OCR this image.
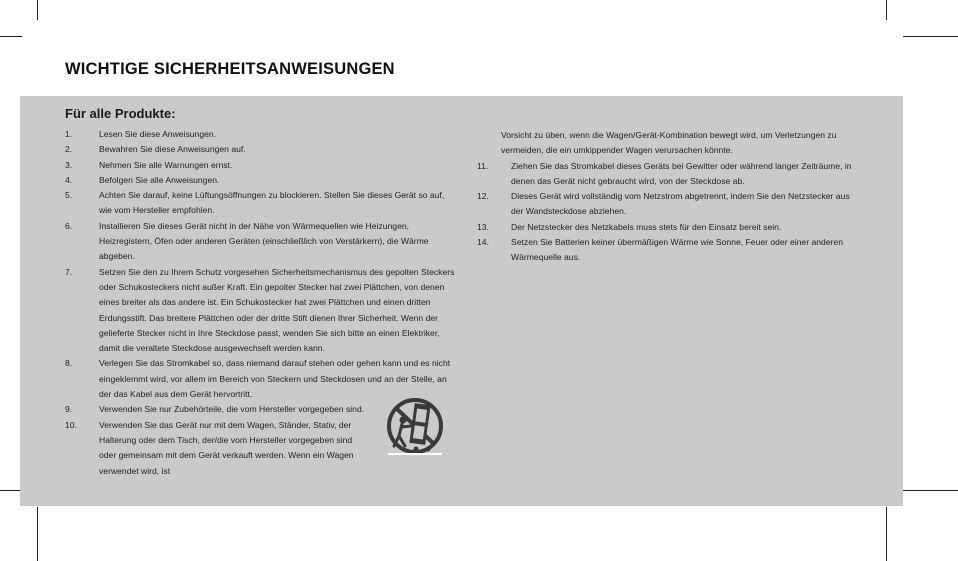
WICHTIGE SICHERHEITSANWEISUNGEN
Für alle Produkte:
1.	Lesen Sie diese Anweisungen.
2.	Bewahren Sie diese Anweisungen auf.
3.	Nehmen Sie alle Warnungen ernst.
4.	Befolgen Sie alle Anweisungen.
5.	Achten Sie darauf, keine Lüftungsöffnungen zu blockieren. Stellen Sie dieses Gerät so auf, wie vom Hersteller empfohlen.
6.	Installieren Sie dieses Gerät nicht in der Nähe von Wärmequellen wie Heizungen, Heizregistern, Öfen oder anderen Geräten (einschließlich von Verstärkern), die Wärme abgeben.
7.	Setzen Sie den zu Ihrem Schutz vorgesehen Sicherheitsmechanismus des gepolten Steckers oder Schukosteckers nicht außer Kraft. Ein gepolter Stecker hat zwei Plättchen, von denen eines breiter als das andere ist. Ein Schukostecker hat zwei Plättchen und einen dritten Erdungsstift. Das breitere Plättchen oder der dritte Stift dienen Ihrer Sicherheit. Wenn der gelieferte Stecker nicht in Ihre Steckdose passt, wenden Sie sich bitte an einen Elektriker, damit die veraltete Steckdose ausgewechselt werden kann.
8.	Verlegen Sie das Stromkabel so, dass niemand darauf stehen oder gehen kann und es nicht eingeklemmt wird, vor allem im Bereich von Steckern und Steckdosen und an der Stelle, an der das Kabel aus dem Gerät hervortritt.
9.	Verwenden Sie nur Zubehörteile, die vom Hersteller vorgegeben sind.
10.	Verwenden Sie das Gerät nur mit dem Wagen, Ständer, Stativ, der Halterung oder dem Tisch, der/die vom Hersteller vorgegeben sind oder gemeinsam mit dem Gerät verkauft werden. Wenn ein Wagen verwendet wird, ist
Vorsicht zu üben, wenn die Wagen/Gerät-Kombination bewegt wird, um Verletzungen zu vermeiden, die ein umkippender Wagen verursachen könnte.
11.	Ziehen Sie das Stromkabel dieses Geräts bei Gewitter oder während langer Zeiträume, in denen das Gerät nicht gebraucht wird, von der Steckdose ab.
12.	Dieses Gerät wird vollständig vom Netzstrom abgetrennt, indem Sie den Netzstecker aus der Wandsteckdose abziehen.
13.	Der Netzstecker des Netzkabels muss stets für den Einsatz bereit sein.
14.	Setzen Sie Batterien keiner übermäßigen Wärme wie Sonne, Feuer oder einer anderen Wärmequelle aus.
